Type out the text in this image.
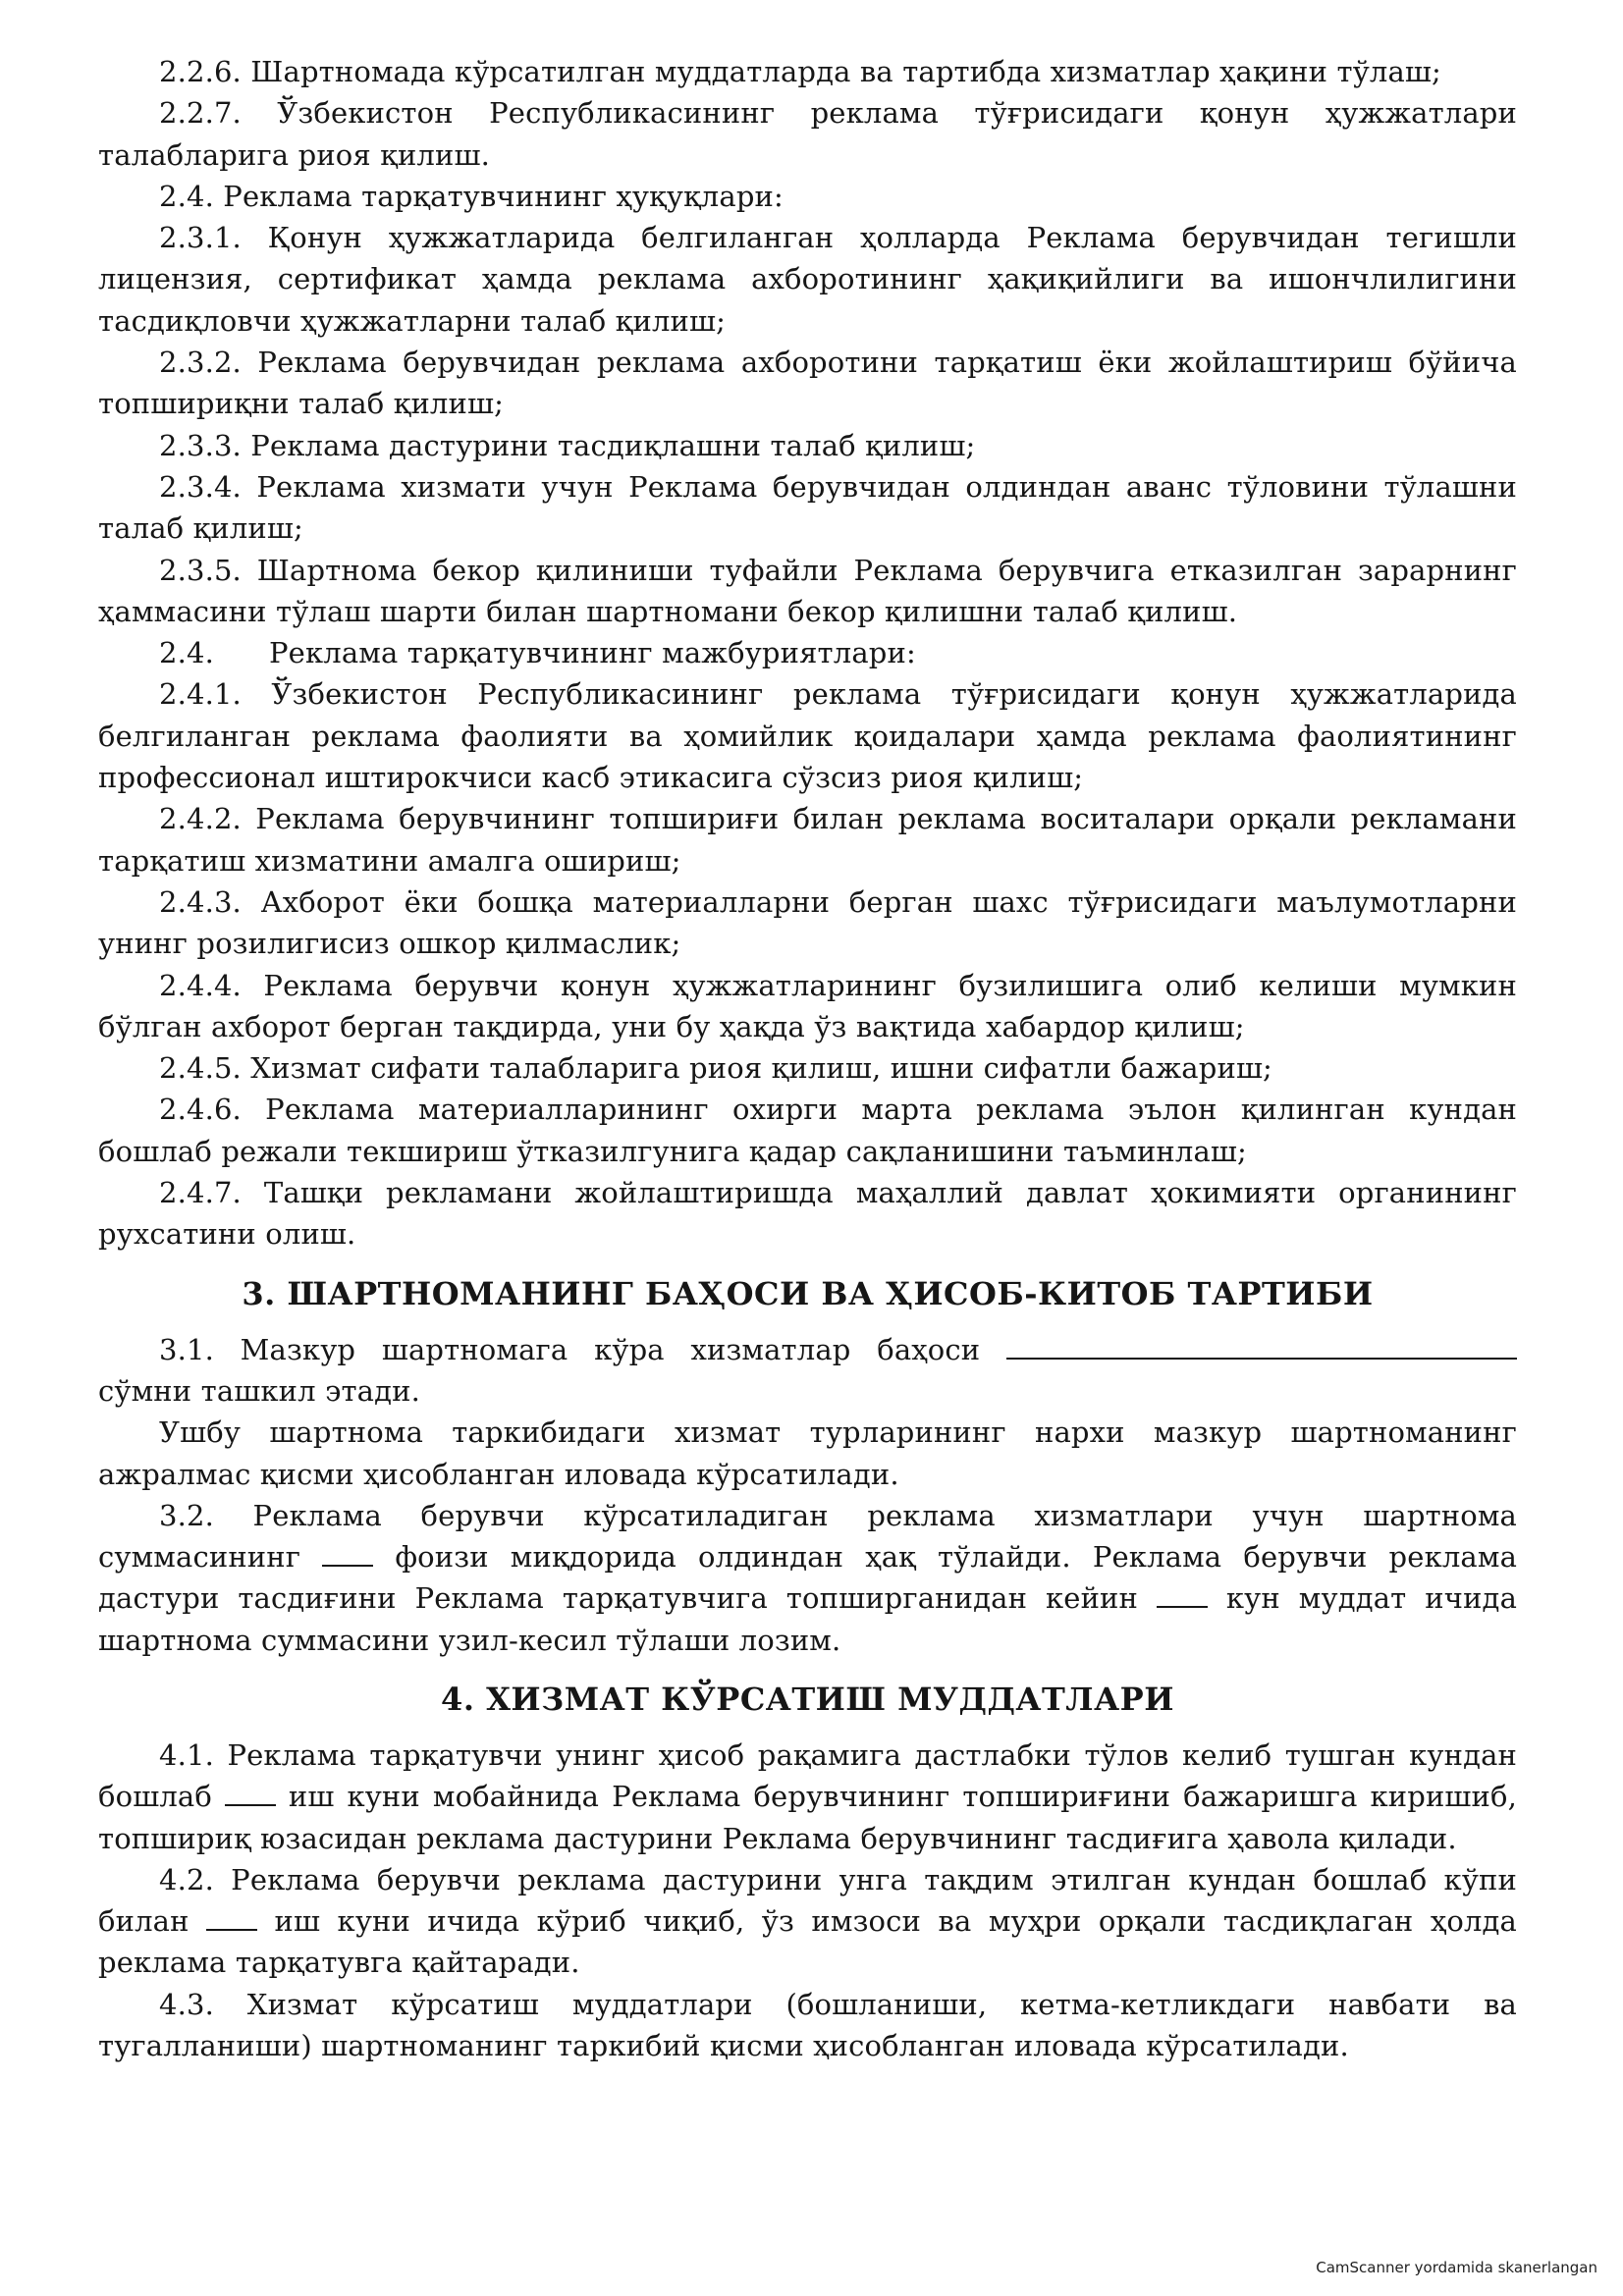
2.2.6. Шартномада кўрсатилган муддатларда ва тартибда хизматлар ҳақини тўлаш;

2.2.7. Ўзбекистон Республикасининг реклама тўғрисидаги қонун ҳужжатлари талабларига риоя қилиш.

2.4. Реклама тарқатувчининг ҳуқуқлари:

2.3.1. Қонун ҳужжатларида белгиланган ҳолларда Реклама берувчидан тегишли лицензия, сертификат ҳамда реклама ахборотининг ҳақиқийлиги ва ишончлилигини тасдиқловчи ҳужжатларни талаб қилиш;

2.3.2. Реклама берувчидан реклама ахборотини тарқатиш ёки жойлаштириш бўйича топшириқни талаб қилиш;

2.3.3. Реклама дастурини тасдиқлашни талаб қилиш;

2.3.4. Реклама хизмати учун Реклама берувчидан олдиндан аванс тўловини тўлашни талаб қилиш;

2.3.5. Шартнома бекор қилиниши туфайли Реклама берувчига етказилган зарарнинг ҳаммасини тўлаш шарти билан шартномани бекор қилишни талаб қилиш.

2.4. Реклама тарқатувчининг мажбуриятлари:

2.4.1. Ўзбекистон Республикасининг реклама тўғрисидаги қонун ҳужжатларида белгиланган реклама фаолияти ва ҳомийлик қоидалари ҳамда реклама фаолиятининг профессионал иштирокчиси касб этикасига сўзсиз риоя қилиш;

2.4.2. Реклама берувчининг топшириғи билан реклама воситалари орқали рекламани тарқатиш хизматини амалга ошириш;

2.4.3. Ахборот ёки бошқа материалларни берган шахс тўғрисидаги маълумотларни унинг розилигисиз ошкор қилмаслик;

2.4.4. Реклама берувчи қонун ҳужжатларининг бузилишига олиб келиши мумкин бўлган ахборот берган тақдирда, уни бу ҳақда ўз вақтида хабардор қилиш;

2.4.5. Хизмат сифати талабларига риоя қилиш, ишни сифатли бажариш;

2.4.6. Реклама материалларининг охирги марта реклама эълон қилинган кундан бошлаб режали текшириш ўтказилгунига қадар сақланишини таъминлаш;

2.4.7. Ташқи рекламани жойлаштиришда маҳаллий давлат ҳокимияти органининг рухсатини олиш.

3. ШАРТНОМАНИНГ БАҲОСИ ВА ҲИСОБ-КИТОБ ТАРТИБИ

3.1. Мазкур шартномага кўра хизматлар баҳоси  сўмни ташкил этади.

Ушбу шартнома таркибидаги хизмат турларининг нархи мазкур шартноманинг ажралмас қисми ҳисобланган иловада кўрсатилади.

3.2. Реклама берувчи кўрсатиладиган реклама хизматлари учун шартнома суммасининг	фоизи миқдорида олдиндан ҳақ тўлайди. Реклама берувчи реклама дастури тасдиғини Реклама тарқатувчига топширганидан кейин	кун муддат ичида шартнома суммасини узил-кесил тўлаши лозим.

4. ХИЗМАТ КЎРСАТИШ МУДДАТЛАРИ

4.1. Реклама тарқатувчи унинг ҳисоб рақамига дастлабки тўлов келиб тушган кундан бошлаб	иш куни мобайнида Реклама берувчининг топшириғини бажаришга киришиб, топшириқ юзасидан реклама дастурини Реклама берувчининг тасдиғига ҳавола қилади.

4.2. Реклама берувчи реклама дастурини унга тақдим этилган кундан бошлаб кўпи билан	иш куни ичида кўриб чиқиб, ўз имзоси ва муҳри орқали тасдиқлаган ҳолда реклама тарқатувга қайтаради.

4.3. Хизмат кўрсатиш муддатлари (бошланиши, кетма-кетликдаги навбати ва тугалланиши) шартноманинг таркибий қисми ҳисобланган иловада кўрсатилади.

CamScanner yordamida skanerlangan
